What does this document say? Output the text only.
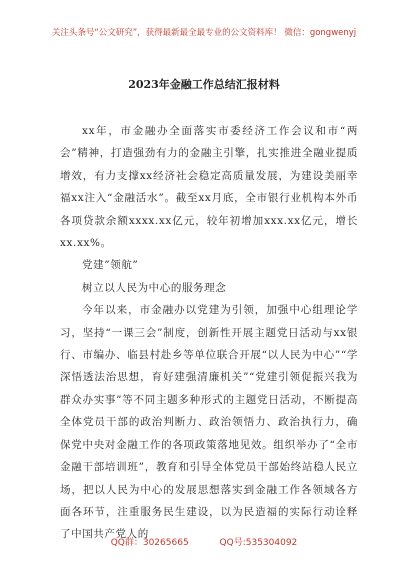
关注头条号“公文研究”，获得最新最全最专业的公文资料库！ 微信：gongwenyj
2023年金融工作总结汇报材料

xx年，市金融办全面落实市委经济工作会议和市“两会”精神，打造强劲有力的金融主引擎，扎实推进全融业提质增效，有力支撑xx经济社会稳定高质量发展，为建设美丽幸福xx注入“金融活水”。截至xx月底，全市银行业机构本外币各项贷款余额xxxx.xx亿元，较年初增加xxx.xx亿元，增长xx.xx%。

党建”领航”

树立以人民为中心的服务理念

今年以来，市金融办以党建为引领，加强中心组理论学习，坚持“一课三会”制度，创新性开展主题党日活动与xx银行、市编办、临县村赴乡等单位联合开展“以人民为中心”“学深悟透法治思想，育好建强清廉机关”“党建引领促振兴我为群众办实事”等不同主题多种形式的主题党日活动，不断提高全体党员干部的政治判断力、政治领悟力、政治执行力，确保党中央对金融工作的各项政策落地见效。组织举办了“全市金融干部培训班”，教育和引导全体党员干部始终站稳人民立场，把以人民为中心的发展思想落实到金融工作各领域各方面各环节，注重服务民生建设，以为民造福的实际行动诠释了中国共产党人的

QQ群：30265665	QQ号:535304092
